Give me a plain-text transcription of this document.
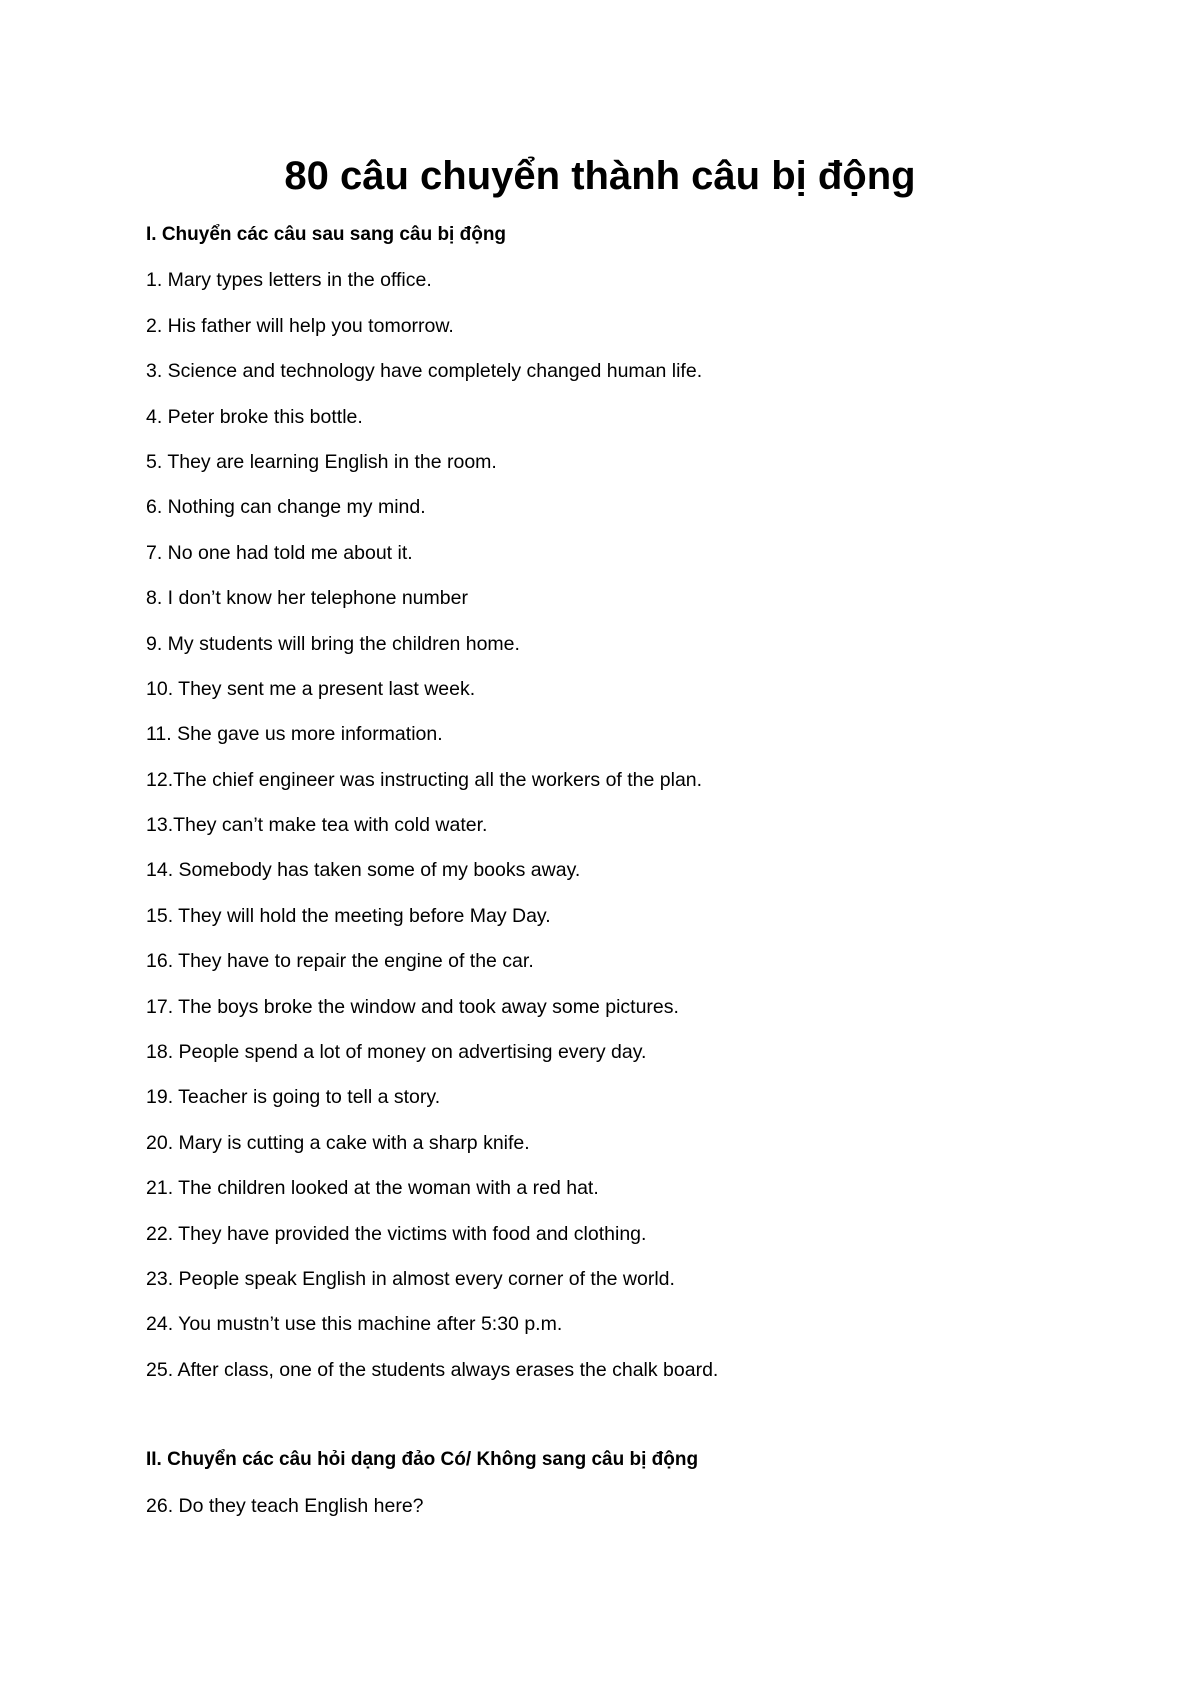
80 câu chuyển thành câu bị động

I. Chuyển các câu sau sang câu bị động

1. Mary types letters in the office.

2. His father will help you tomorrow.

3. Science and technology have completely changed human life.

4. Peter broke this bottle.

5. They are learning English in the room.

6. Nothing can change my mind.

7. No one had told me about it.

8. I don’t know her telephone number

9. My students will bring the children home.

10. They sent me a present last week.

11. She gave us more information.

12.The chief engineer was instructing all the workers of the plan.

13.They can’t make tea with cold water.

14. Somebody has taken some of my books away.

15. They will hold the meeting before May Day.

16. They have to repair the engine of the car.

17. The boys broke the window and took away some pictures.

18. People spend a lot of money on advertising every day.

19. Teacher is going to tell a story.

20. Mary is cutting a cake with a sharp knife.

21. The children looked at the woman with a red hat.

22. They have provided the victims with food and clothing.

23. People speak English in almost every corner of the world.

24. You mustn’t use this machine after 5:30 p.m.

25. After class, one of the students always erases the chalk board.

II. Chuyển các câu hỏi dạng đảo Có/ Không sang câu bị động

26. Do they teach English here?
